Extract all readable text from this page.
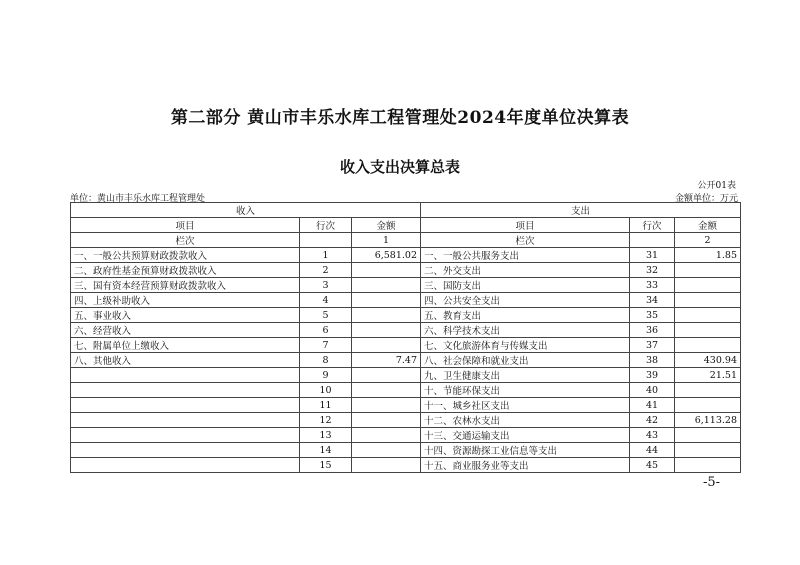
第二部分 黄山市丰乐水库工程管理处2024年度单位决算表
收入支出决算总表
公开01表
单位：黄山市丰乐水库工程管理处	金额单位：万元
收入			支出		
项目	行次	金额	项目	行次	金额
栏次		1	栏次		2
一、一般公共预算财政拨款收入	1	6,581.02	一、一般公共服务支出	31	1.85
二、政府性基金预算财政拨款收入	2		二、外交支出	32	
三、国有资本经营预算财政拨款收入	3		三、国防支出	33	
四、上级补助收入	4		四、公共安全支出	34	
五、事业收入	5		五、教育支出	35	
六、经营收入	6		六、科学技术支出	36	
七、附属单位上缴收入	7		七、文化旅游体育与传媒支出	37	
八、其他收入	8	7.47	八、社会保障和就业支出	38	430.94
	9		九、卫生健康支出	39	21.51
	10		十、节能环保支出	40	
	11		十一、城乡社区支出	41	
	12		十二、农林水支出	42	6,113.28
	13		十三、交通运输支出	43	
	14		十四、资源勘探工业信息等支出	44	
	15		十五、商业服务业等支出	45	
-5-
